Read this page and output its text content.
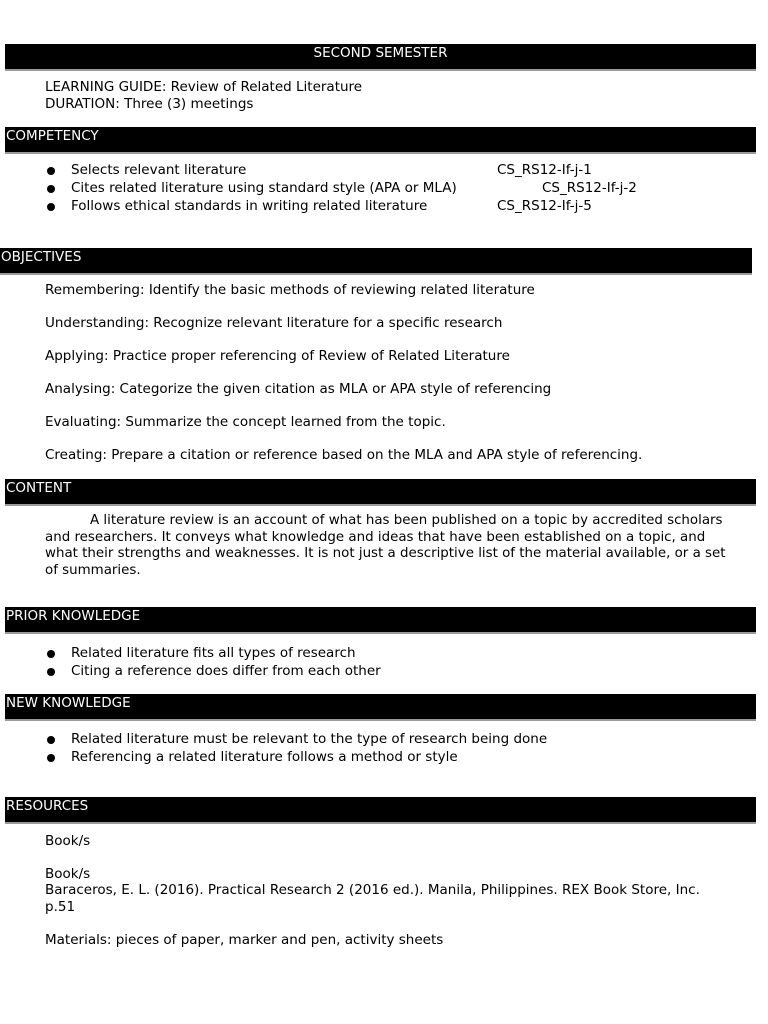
SECOND SEMESTER
LEARNING GUIDE: Review of Related Literature
DURATION: Three (3) meetings
COMPETENCY
Selects relevant literature	CS_RS12-If-j-1
Cites related literature using standard style (APA or MLA)	CS_RS12-If-j-2
Follows ethical standards in writing related literature	CS_RS12-If-j-5
OBJECTIVES
Remembering: Identify the basic methods of reviewing related literature
Understanding: Recognize relevant literature for a specific research
Applying: Practice proper referencing of Review of Related Literature
Analysing: Categorize the given citation as MLA or APA style of referencing
Evaluating: Summarize the concept learned from the topic.
Creating: Prepare a citation or reference based on the MLA and APA style of referencing.
CONTENT
A literature review is an account of what has been published on a topic by accredited scholars and researchers. It conveys what knowledge and ideas that have been established on a topic, and what their strengths and weaknesses. It is not just a descriptive list of the material available, or a set of summaries.
PRIOR KNOWLEDGE
Related literature fits all types of research
Citing a reference does differ from each other
NEW KNOWLEDGE
Related literature must be relevant to the type of research being done
Referencing a related literature follows a method or style
RESOURCES
Book/s
Book/s
Baraceros, E. L. (2016). Practical Research 2 (2016 ed.). Manila, Philippines. REX Book Store, Inc.
p.51
Materials: pieces of paper, marker and pen, activity sheets
